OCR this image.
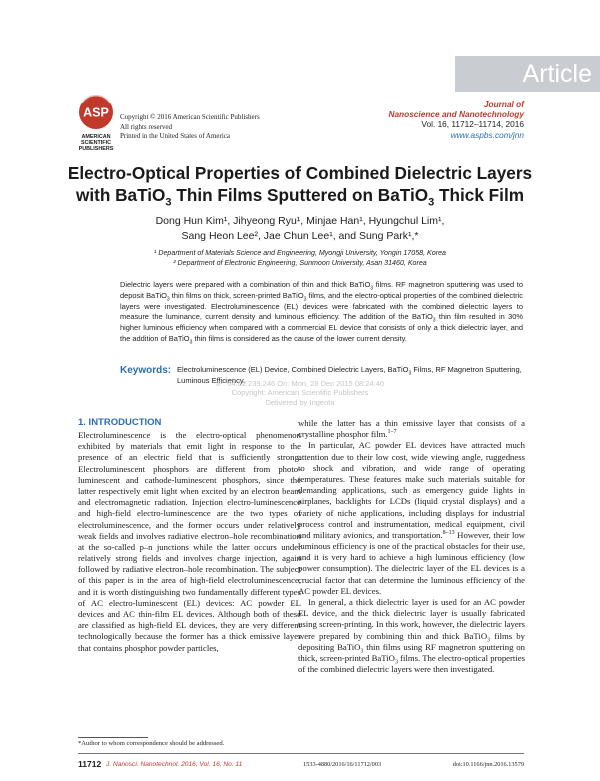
Article
ASP
AMERICAN
SCIENTIFIC
PUBLISHERS
Copyright © 2016 American Scientific Publishers
All rights reserved
Printed in the United States of America
Journal of
Nanoscience and Nanotechnology
Vol. 16, 11712–11714, 2016
www.aspbs.com/jnn
Electro-Optical Properties of Combined Dielectric Layers
with BaTiO$_3$ Thin Films Sputtered on BaTiO$_3$ Thick Film
Dong Hun Kim¹, Jihyeong Ryu¹, Minjae Han¹, Hyungchul Lim¹,
Sang Heon Lee², Jae Chun Lee¹, and Sung Park¹,*
¹ Department of Materials Science and Engineering, Myongji University, Yongin 17058, Korea
² Department of Electronic Engineering, Sunmoon University, Asan 31460, Korea
Dielectric layers were prepared with a combination of thin and thick BaTiO$_3$ films. RF magnetron sputtering was used to deposit BaTiO$_3$ thin films on thick, screen-printed BaTiO$_3$ films, and the electro-optical properties of the combined dielectric layers were investigated. Electroluminescence (EL) devices were fabricated with the combined dielectric layers to measure the luminance, current density and luminous efficiency. The addition of the BaTiO$_3$ thin film resulted in 30% higher luminous efficiency when compared with a commercial EL device that consists of only a thick dielectric layer, and the addition of BaTiO$_3$ thin films is considered as the cause of the lower current density.
Keywords: Electroluminescence (EL) Device, Combined Dielectric Layers, BaTiO$_3$ Films, RF Magnetron Sputtering, Luminous Efficiency.
IP: 64.62.239.246 On: Mon, 28 Dec 2015 08:24:40
Copyright: American Scientific Publishers
Delivered by Ingenta
1. INTRODUCTION

Electroluminescence is the electro-optical phenomenon exhibited by materials that emit light in response to the presence of an electric field that is sufficiently strong. Electroluminescent phosphors are different from photo-luminescent and cathode-luminescent phosphors, since the latter respectively emit light when excited by an electron beam and electromagnetic radiation. Injection electro-luminescence and high-field electro-luminescence are the two types of electroluminescence, and the former occurs under relatively weak fields and involves radiative electron–hole recombination at the so-called p–n junctions while the latter occurs under relatively strong fields and involves charge injection, again followed by radiative electron–hole recombination. The subject of this paper is in the area of high-field electroluminescence, and it is worth distinguishing two fundamentally different types of AC electro-luminescent (EL) devices: AC powder EL devices and AC thin-film EL devices. Although both of these are classified as high-field EL devices, they are very different technologically because the former has a thick emissive layer that contains phosphor powder particles,

while the latter has a thin emissive layer that consists of a crystalline phosphor film.$^{1-7}$

In particular, AC powder EL devices have attracted much attention due to their low cost, wide viewing angle, ruggedness to shock and vibration, and wide range of operating temperatures. These features make such materials suitable for demanding applications, such as emergency guide lights in airplanes, backlights for LCDs (liquid crystal displays) and a variety of niche applications, including displays for industrial process control and instrumentation, medical equipment, civil and military avionics, and transportation.$^{8-13}$ However, their low luminous efficiency is one of the practical obstacles for their use, and it is very hard to achieve a high luminous efficiency (low power consumption). The dielectric layer of the EL devices is a crucial factor that can determine the luminous efficiency of the AC powder EL devices.

In general, a thick dielectric layer is used for an AC powder EL device, and the thick dielectric layer is usually fabricated using screen-printing. In this work, however, the dielectric layers were prepared by combining thin and thick BaTiO$_3$ films by depositing BaTiO$_3$ thin films using RF magnetron sputtering on thick, screen-printed BaTiO$_3$ films. The electro-optical properties of the combined dielectric layers were then investigated.

*Author to whom correspondence should be addressed.
11712 J. Nanosci. Nanotechnol. 2016, Vol. 16, No. 11	1533-4880/2016/16/11712/003	doi:10.1166/jnn.2016.13579
